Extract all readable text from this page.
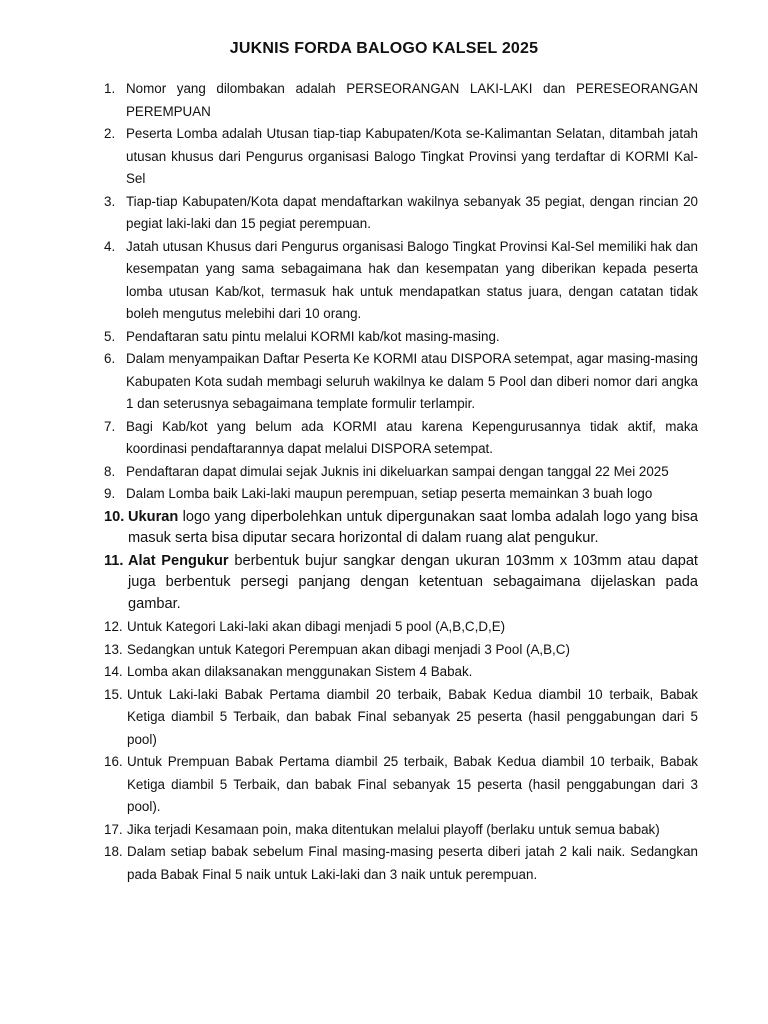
JUKNIS FORDA BALOGO KALSEL 2025
1. Nomor yang dilombakan adalah PERSEORANGAN LAKI-LAKI dan PERESEORANGAN PEREMPUAN
2. Peserta Lomba adalah Utusan tiap-tiap Kabupaten/Kota se-Kalimantan Selatan, ditambah jatah utusan khusus dari Pengurus organisasi Balogo Tingkat Provinsi yang terdaftar di KORMI Kal-Sel
3. Tiap-tiap Kabupaten/Kota dapat mendaftarkan wakilnya sebanyak 35 pegiat, dengan rincian 20 pegiat laki-laki dan 15 pegiat perempuan.
4. Jatah utusan Khusus dari Pengurus organisasi Balogo Tingkat Provinsi Kal-Sel memiliki hak dan kesempatan yang sama sebagaimana hak dan kesempatan yang diberikan kepada peserta lomba utusan Kab/kot, termasuk hak untuk mendapatkan status juara, dengan catatan tidak boleh mengutus melebihi dari 10 orang.
5. Pendaftaran satu pintu melalui KORMI kab/kot masing-masing.
6. Dalam menyampaikan Daftar Peserta Ke KORMI atau DISPORA setempat, agar masing-masing Kabupaten Kota sudah membagi seluruh wakilnya ke dalam 5 Pool dan diberi nomor dari angka 1 dan seterusnya sebagaimana template formulir terlampir.
7. Bagi Kab/kot yang belum ada KORMI atau karena Kepengurusannya tidak aktif, maka koordinasi pendaftarannya dapat melalui DISPORA setempat.
8. Pendaftaran dapat dimulai sejak Juknis ini dikeluarkan sampai dengan tanggal 22 Mei 2025
9. Dalam Lomba baik Laki-laki maupun perempuan, setiap peserta memainkan 3 buah logo
10. Ukuran logo yang diperbolehkan untuk dipergunakan saat lomba adalah logo yang bisa masuk serta bisa diputar secara horizontal di dalam ruang alat pengukur.
11. Alat Pengukur berbentuk bujur sangkar dengan ukuran 103mm x 103mm atau dapat juga berbentuk persegi panjang dengan ketentuan sebagaimana dijelaskan pada gambar.
12. Untuk Kategori Laki-laki akan dibagi menjadi 5 pool (A,B,C,D,E)
13. Sedangkan untuk Kategori Perempuan akan dibagi menjadi 3 Pool (A,B,C)
14. Lomba akan dilaksanakan menggunakan Sistem 4 Babak.
15. Untuk Laki-laki Babak Pertama diambil 20 terbaik, Babak Kedua diambil 10 terbaik, Babak Ketiga diambil 5 Terbaik, dan babak Final sebanyak 25 peserta (hasil penggabungan dari 5 pool)
16. Untuk Prempuan Babak Pertama diambil 25 terbaik, Babak Kedua diambil 10 terbaik, Babak Ketiga diambil 5 Terbaik, dan babak Final sebanyak 15 peserta (hasil penggabungan dari 3 pool).
17. Jika terjadi Kesamaan poin, maka ditentukan melalui playoff (berlaku untuk semua babak)
18. Dalam setiap babak sebelum Final masing-masing peserta diberi jatah 2 kali naik. Sedangkan pada Babak Final 5 naik untuk Laki-laki dan 3 naik untuk perempuan.
